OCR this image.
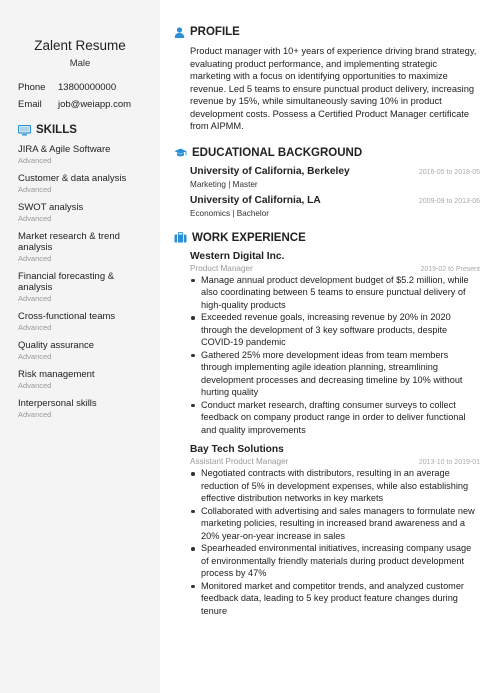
Zalent Resume
Male
Phone	13800000000
Email	job@weiapp.com
SKILLS
JIRA & Agile Software
Advanced
Customer & data analysis
Advanced
SWOT analysis
Advanced
Market research & trend analysis
Advanced
Financial forecasting & analysis
Advanced
Cross-functional teams
Advanced
Quality assurance
Advanced
Risk management
Advanced
Interpersonal skills
Advanced
PROFILE
Product manager with 10+ years of experience driving brand strategy, evaluating product performance, and implementing strategic marketing with a focus on identifying opportunities to maximize revenue. Led 5 teams to ensure punctual product delivery, increasing revenue by 15%, while simultaneously saving 10% in product development costs. Possess a Certified Product Manager certificate from AIPMM.
EDUCATIONAL BACKGROUND
University of California, Berkeley	2016-05 to 2018-05
Marketing | Master
University of California, LA	2009-09 to 2013-06
Economics | Bachelor
WORK EXPERIENCE
Western Digital Inc.
Product Manager	2019-02 to Present
Manage annual product development budget of $5.2 million, while also coordinating between 5 teams to ensure punctual delivery of high-quality products
Exceeded revenue goals, increasing revenue by 20% in 2020 through the development of 3 key software products, despite COVID-19 pandemic
Gathered 25% more development ideas from team members through implementing agile ideation planning, streamlining development processes and decreasing timeline by 10% without hurting quality
Conduct market research, drafting consumer surveys to collect feedback on company product range in order to deliver functional and quality improvements
Bay Tech Solutions
Assistant Product Manager	2013-10 to 2019-01
Negotiated contracts with distributors, resulting in an average reduction of 5% in development expenses, while also establishing effective distribution networks in key markets
Collaborated with advertising and sales managers to formulate new marketing policies, resulting in increased brand awareness and a 20% year-on-year increase in sales
Spearheaded environmental initiatives, increasing company usage of environmentally friendly materials during product development process by 47%
Monitored market and competitor trends, and analyzed customer feedback data, leading to 5 key product feature changes during tenure
